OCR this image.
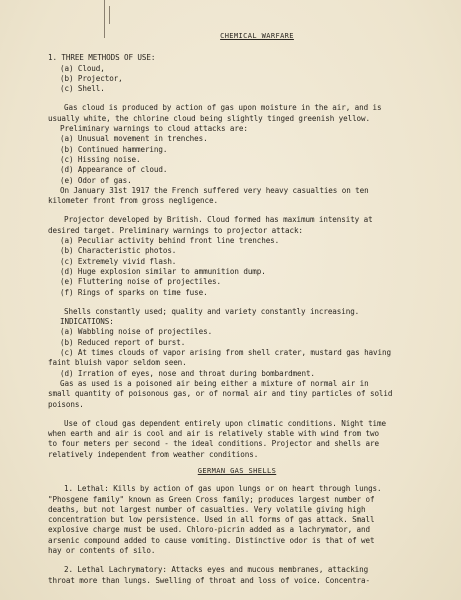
CHEMICAL WARFARE
1. THREE METHODS OF USE:
(a) Cloud,
(b) Projector,
(c) Shell.
Gas cloud is produced by action of gas upon moisture in the air, and is
usually white, the chlorine cloud being slightly tinged greenish yellow.
Preliminary warnings to cloud attacks are:
(a) Unusual movement in trenches.
(b) Continued hammering.
(c) Hissing noise.
(d) Appearance of cloud.
(e) Odor of gas.
On January 31st 1917 the French suffered very heavy casualties on ten
kilometer front from gross negligence.
Projector developed by British. Cloud formed has maximum intensity at
desired target. Preliminary warnings to projector attack:
(a) Peculiar activity behind front line trenches.
(b) Characteristic photos.
(c) Extremely vivid flash.
(d) Huge explosion similar to ammunition dump.
(e) Fluttering noise of projectiles.
(f) Rings of sparks on time fuse.
Shells constantly used; quality and variety constantly increasing.
INDICATIONS:
(a) Wabbling noise of projectiles.
(b) Reduced report of burst.
(c) At times clouds of vapor arising from shell crater, mustard gas having
faint bluish vapor seldom seen.
(d) Irration of eyes, nose and throat during bombardment.
Gas as used is a poisoned air being either a mixture of normal air in
small quantity of poisonous gas, or of normal air and tiny particles of solid
poisons.
Use of cloud gas dependent entirely upon climatic conditions. Night time
when earth and air is cool and air is relatively stable with wind from two
to four meters per second - the ideal conditions. Projector and shells are
relatively independent from weather conditions.
GERMAN GAS SHELLS
1. Lethal: Kills by action of gas upon lungs or on heart through lungs.
"Phosgene family" known as Green Cross family; produces largest number of
deaths, but not largest number of casualties. Very volatile giving high
concentration but low persistence. Used in all forms of gas attack. Small
explosive charge must be used. Chloro-picrin added as a lachrymator, and
arsenic compound added to cause vomiting. Distinctive odor is that of wet
hay or contents of silo.
2. Lethal Lachrymatory: Attacks eyes and mucous membranes, attacking
throat more than lungs. Swelling of throat and loss of voice. Concentra-
